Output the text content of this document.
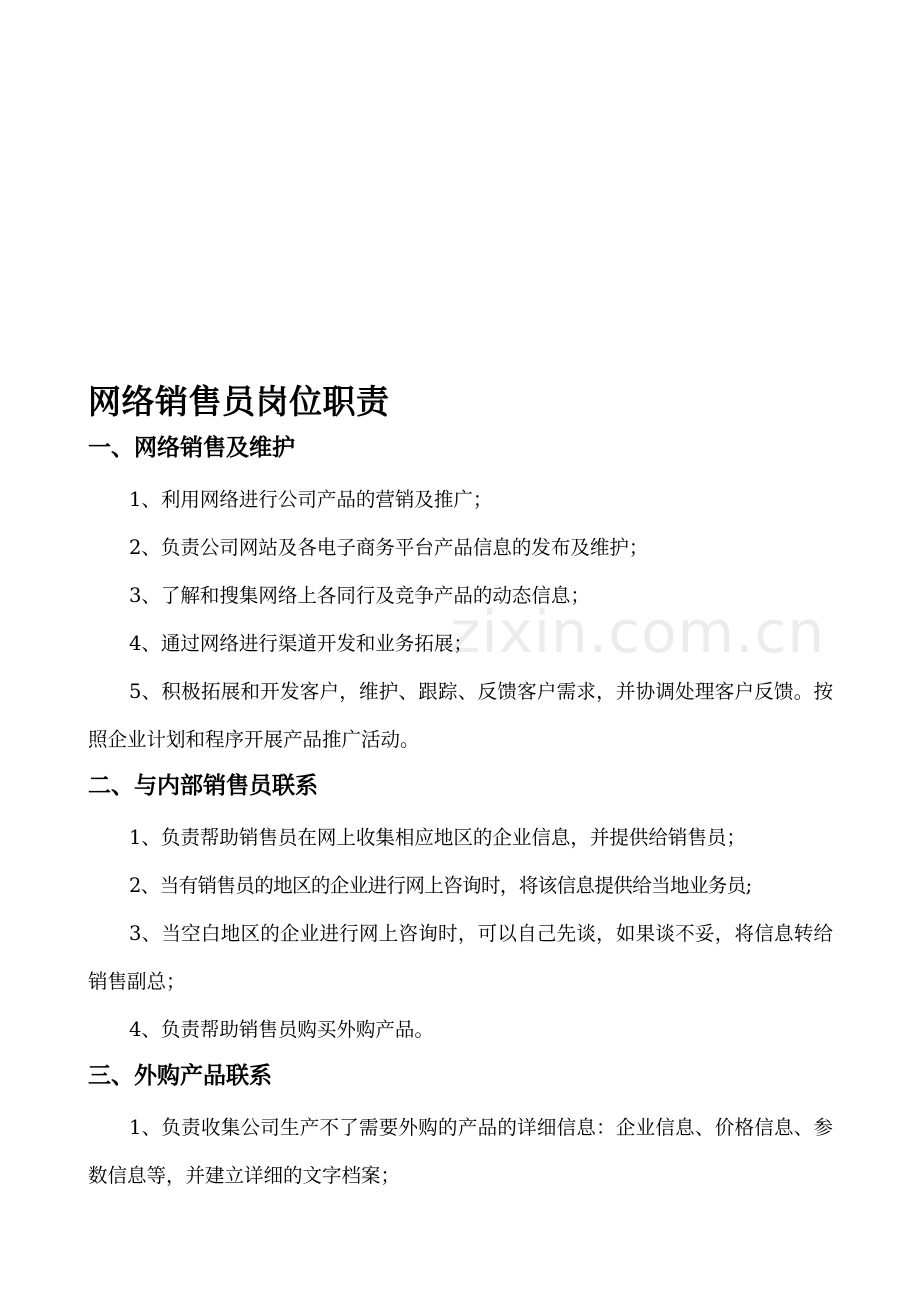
zixin.com.cn
网络销售员岗位职责
一、网络销售及维护

1、利用网络进行公司产品的营销及推广；

2、负责公司网站及各电子商务平台产品信息的发布及维护；

3、了解和搜集网络上各同行及竞争产品的动态信息；

4、通过网络进行渠道开发和业务拓展；

5、积极拓展和开发客户，维护、跟踪、反馈客户需求，并协调处理客户反馈。按照企业计划和程序开展产品推广活动。

二、与内部销售员联系

1、负责帮助销售员在网上收集相应地区的企业信息，并提供给销售员；

2、当有销售员的地区的企业进行网上咨询时，将该信息提供给当地业务员;

3、当空白地区的企业进行网上咨询时，可以自己先谈，如果谈不妥，将信息转给销售副总；

4、负责帮助销售员购买外购产品。

三、外购产品联系

1、负责收集公司生产不了需要外购的产品的详细信息：企业信息、价格信息、参数信息等，并建立详细的文字档案；
